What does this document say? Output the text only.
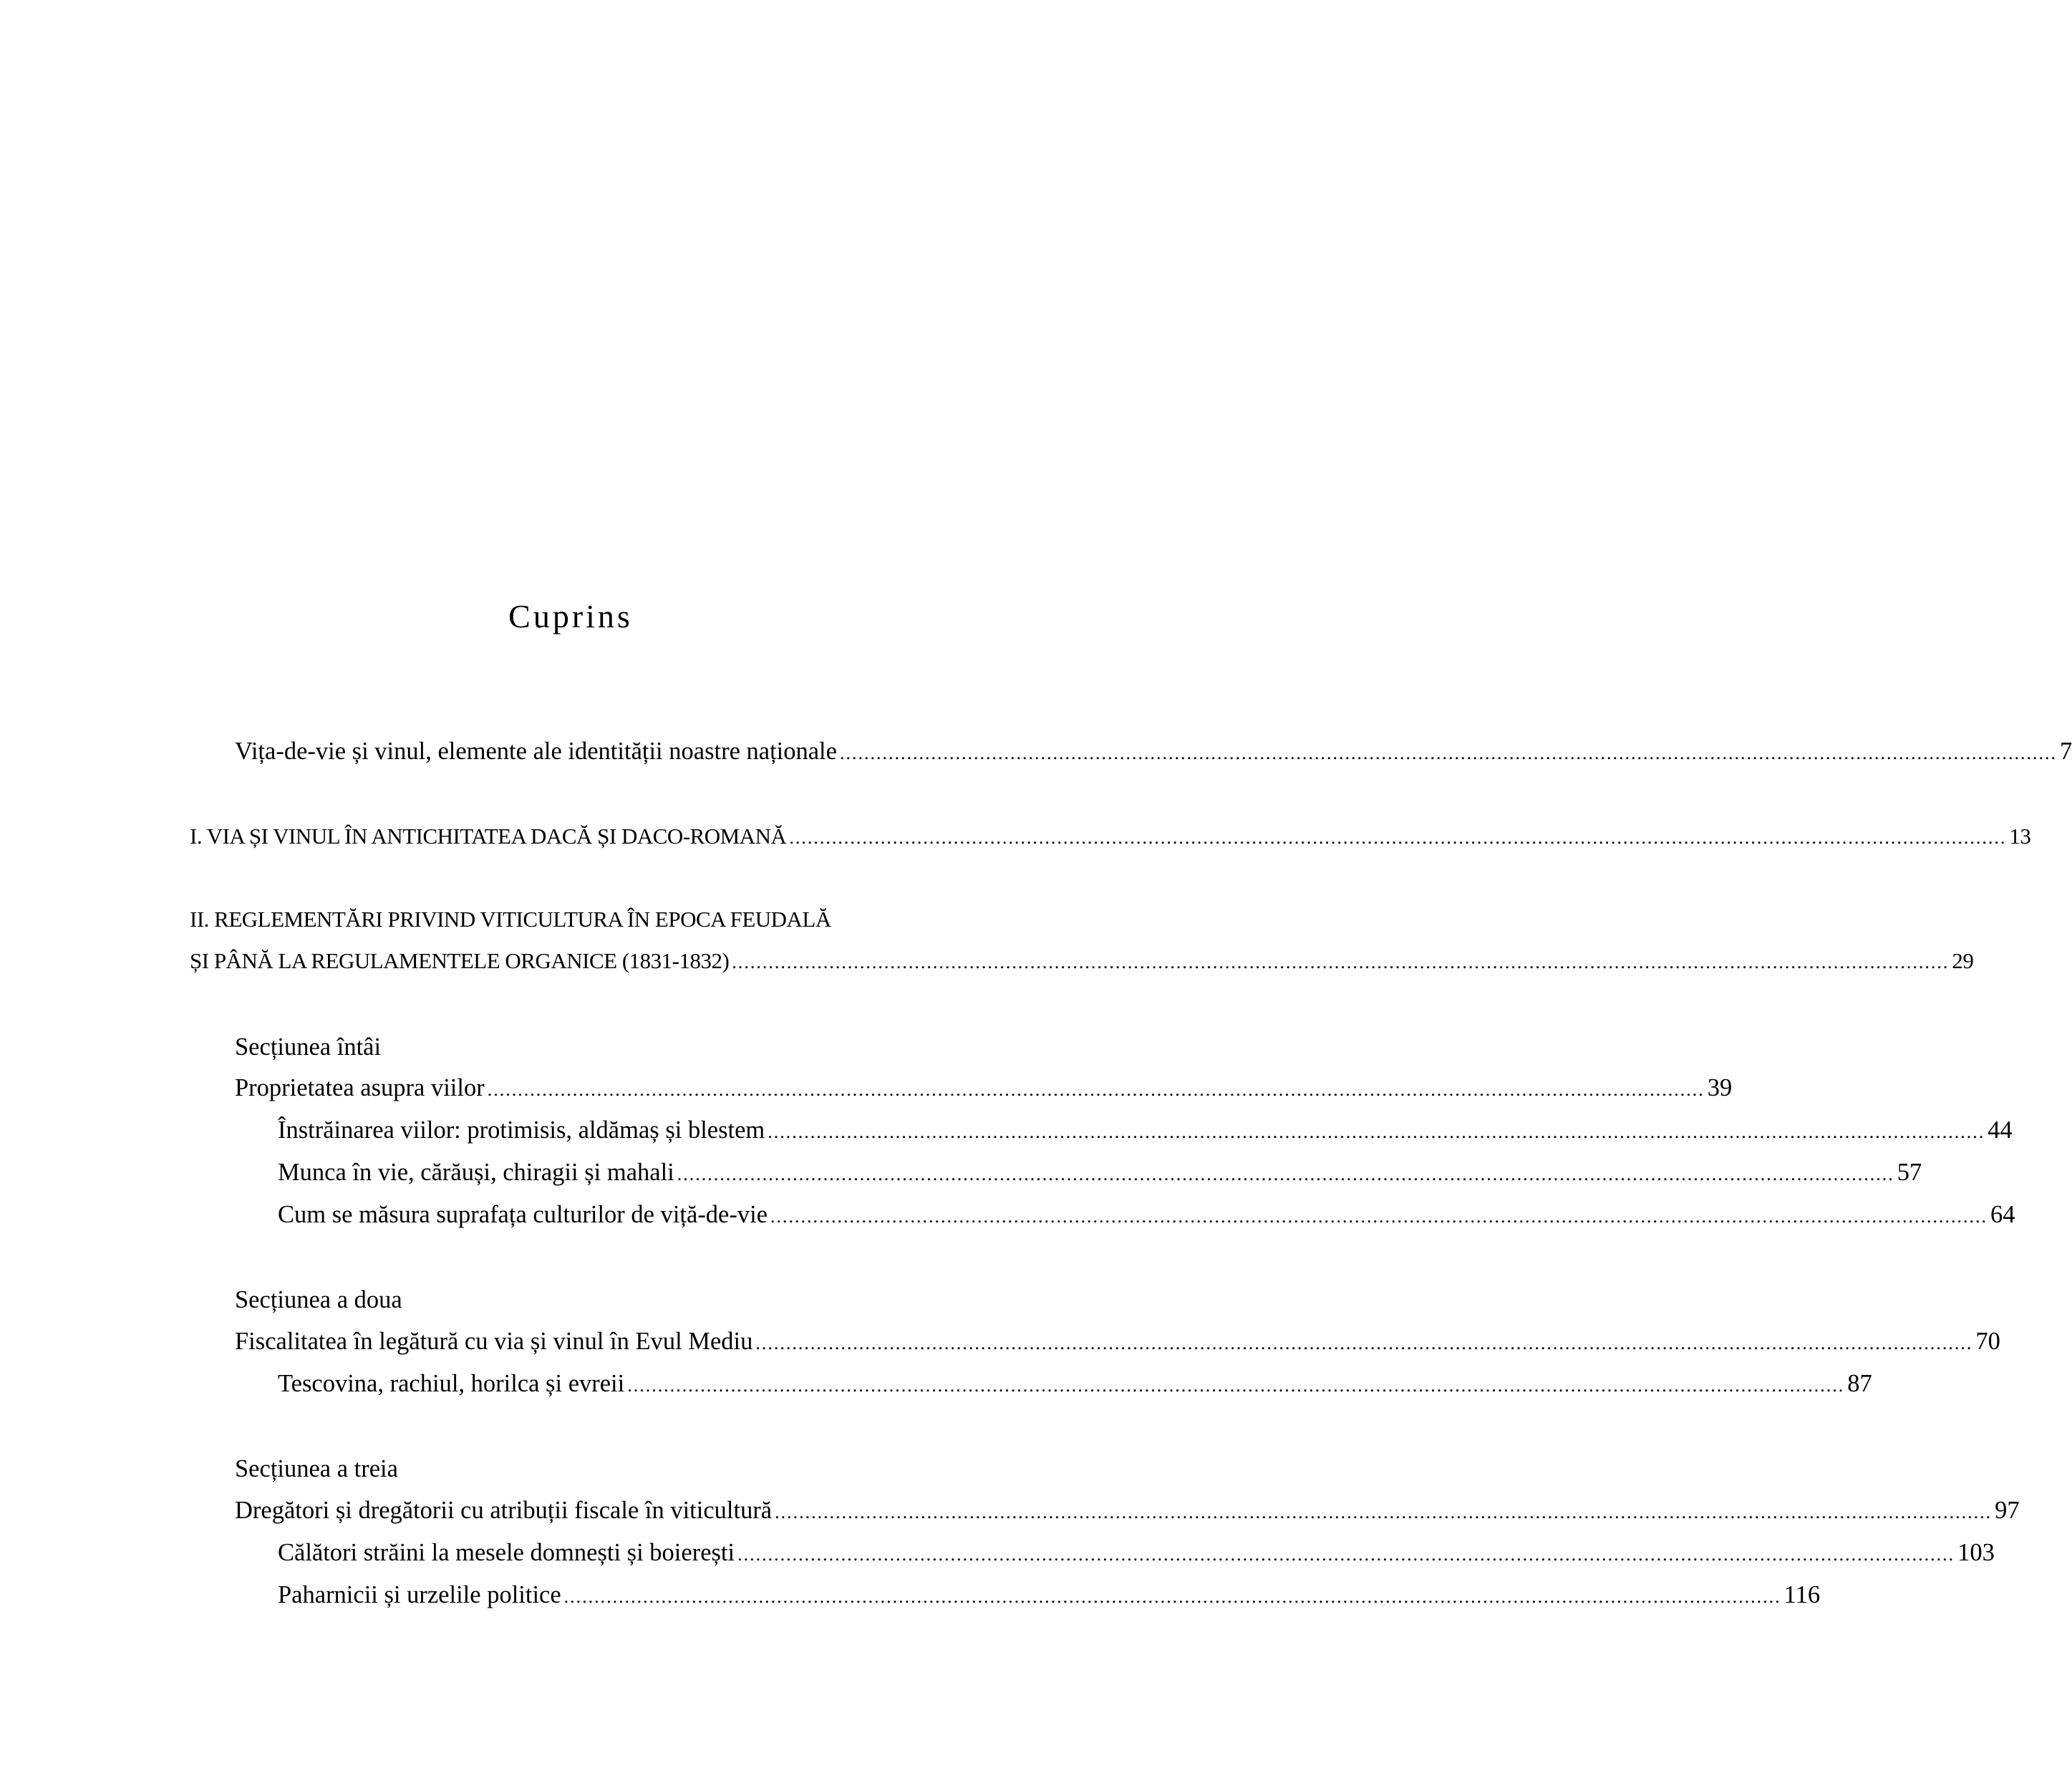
Cuprins
Vița-de-vie și vinul, elemente ale identității noastre naționale ........................................................................................................................................................................................................ 7
I. VIA ȘI VINUL ÎN ANTICHITATEA DACĂ ȘI DACO-ROMANĂ ........................................................................................................................................................................................................ 13
II. REGLEMENTĂRI PRIVIND VITICULTURA ÎN EPOCA FEUDALĂ
ȘI PÂNĂ LA REGULAMENTELE ORGANICE (1831-1832) ........................................................................................................................................................................................................ 29
Secțiunea întâi
Proprietatea asupra viilor ........................................................................................................................................................................................................ 39
Înstrăinarea viilor: protimisis, aldămaș și blestem ........................................................................................................................................................................................................ 44
Munca în vie, cărăuși, chiragii și mahali ........................................................................................................................................................................................................ 57
Cum se măsura suprafața culturilor de viță-de-vie ........................................................................................................................................................................................................ 64
Secțiunea a doua
Fiscalitatea în legătură cu via și vinul în Evul Mediu ........................................................................................................................................................................................................ 70
Tescovina, rachiul, horilca și evreii ........................................................................................................................................................................................................ 87
Secțiunea a treia
Dregători și dregătorii cu atribuții fiscale în viticultură ........................................................................................................................................................................................................ 97
Călători străini la mesele domnești și boierești ........................................................................................................................................................................................................ 103
Paharnicii și urzelile politice ........................................................................................................................................................................................................ 116
